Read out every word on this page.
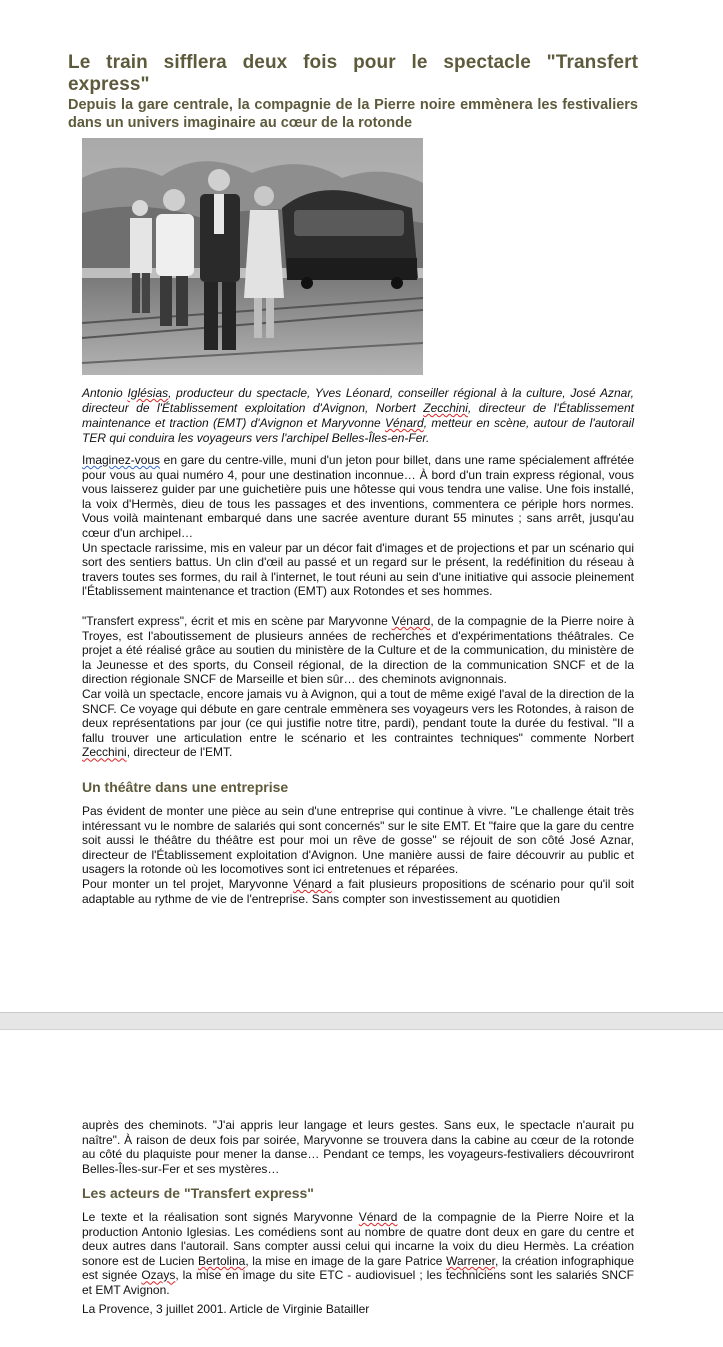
Le train sifflera deux fois pour le spectacle "Transfert express"
Depuis la gare centrale, la compagnie de la Pierre noire emmènera les festivaliers dans un univers imaginaire au cœur de la rotonde
Antonio Iglésias, producteur du spectacle, Yves Léonard, conseiller régional à la culture, José Aznar, directeur de l'Établissement exploitation d'Avignon, Norbert Zecchini, directeur de l'Établissement maintenance et traction (EMT) d'Avignon et Maryvonne Vénard, metteur en scène, autour de l'autorail TER qui conduira les voyageurs vers l'archipel Belles-Îles-en-Fer.
Imaginez-vous en gare du centre-ville, muni d'un jeton pour billet, dans une rame spécialement affrétée pour vous au quai numéro 4, pour une destination inconnue… À bord d'un train express régional, vous vous laisserez guider par une guichetière puis une hôtesse qui vous tendra une valise. Une fois installé, la voix d'Hermès, dieu de tous les passages et des inventions, commentera ce périple hors normes. Vous voilà maintenant embarqué dans une sacrée aventure durant 55 minutes ; sans arrêt, jusqu'au cœur d'un archipel…
Un spectacle rarissime, mis en valeur par un décor fait d'images et de projections et par un scénario qui sort des sentiers battus. Un clin d'œil au passé et un regard sur le présent, la redéfinition du réseau à travers toutes ses formes, du rail à l'internet, le tout réuni au sein d'une initiative qui associe pleinement l'Établissement maintenance et traction (EMT) aux Rotondes et ses hommes.
"Transfert express", écrit et mis en scène par Maryvonne Vénard, de la compagnie de la Pierre noire à Troyes, est l'aboutissement de plusieurs années de recherches et d'expérimentations théâtrales. Ce projet a été réalisé grâce au soutien du ministère de la Culture et de la communication, du ministère de la Jeunesse et des sports, du Conseil régional, de la direction de la communication SNCF et de la direction régionale SNCF de Marseille et bien sûr… des cheminots avignonnais.
Car voilà un spectacle, encore jamais vu à Avignon, qui a tout de même exigé l'aval de la direction de la SNCF. Ce voyage qui débute en gare centrale emmènera ses voyageurs vers les Rotondes, à raison de deux représentations par jour (ce qui justifie notre titre, pardi), pendant toute la durée du festival. "Il a fallu trouver une articulation entre le scénario et les contraintes techniques" commente Norbert Zecchini, directeur de l'EMT.
Un théâtre dans une entreprise
Pas évident de monter une pièce au sein d'une entreprise qui continue à vivre. "Le challenge était très intéressant vu le nombre de salariés qui sont concernés" sur le site EMT. Et "faire que la gare du centre soit aussi le théâtre du théâtre est pour moi un rêve de gosse" se réjouit de son côté José Aznar, directeur de l'Établissement exploitation d'Avignon. Une manière aussi de faire découvrir au public et usagers la rotonde où les locomotives sont ici entretenues et réparées.
Pour monter un tel projet, Maryvonne Vénard a fait plusieurs propositions de scénario pour qu'il soit adaptable au rythme de vie de l'entreprise. Sans compter son investissement au quotidien
auprès des cheminots. "J'ai appris leur langage et leurs gestes. Sans eux, le spectacle n'aurait pu naître". À raison de deux fois par soirée, Maryvonne se trouvera dans la cabine au cœur de la rotonde au côté du plaquiste pour mener la danse… Pendant ce temps, les voyageurs-festivaliers découvriront Belles-Îles-sur-Fer et ses mystères…
Les acteurs de "Transfert express"
Le texte et la réalisation sont signés Maryvonne Vénard de la compagnie de la Pierre Noire et la production Antonio Iglesias. Les comédiens sont au nombre de quatre dont deux en gare du centre et deux autres dans l'autorail. Sans compter aussi celui qui incarne la voix du dieu Hermès. La création sonore est de Lucien Bertolina, la mise en image de la gare Patrice Warrener, la création infographique est signée Ozays, la mise en image du site ETC - audiovisuel ; les techniciens sont les salariés SNCF et EMT Avignon.
La Provence, 3 juillet 2001. Article de Virginie Batailler
